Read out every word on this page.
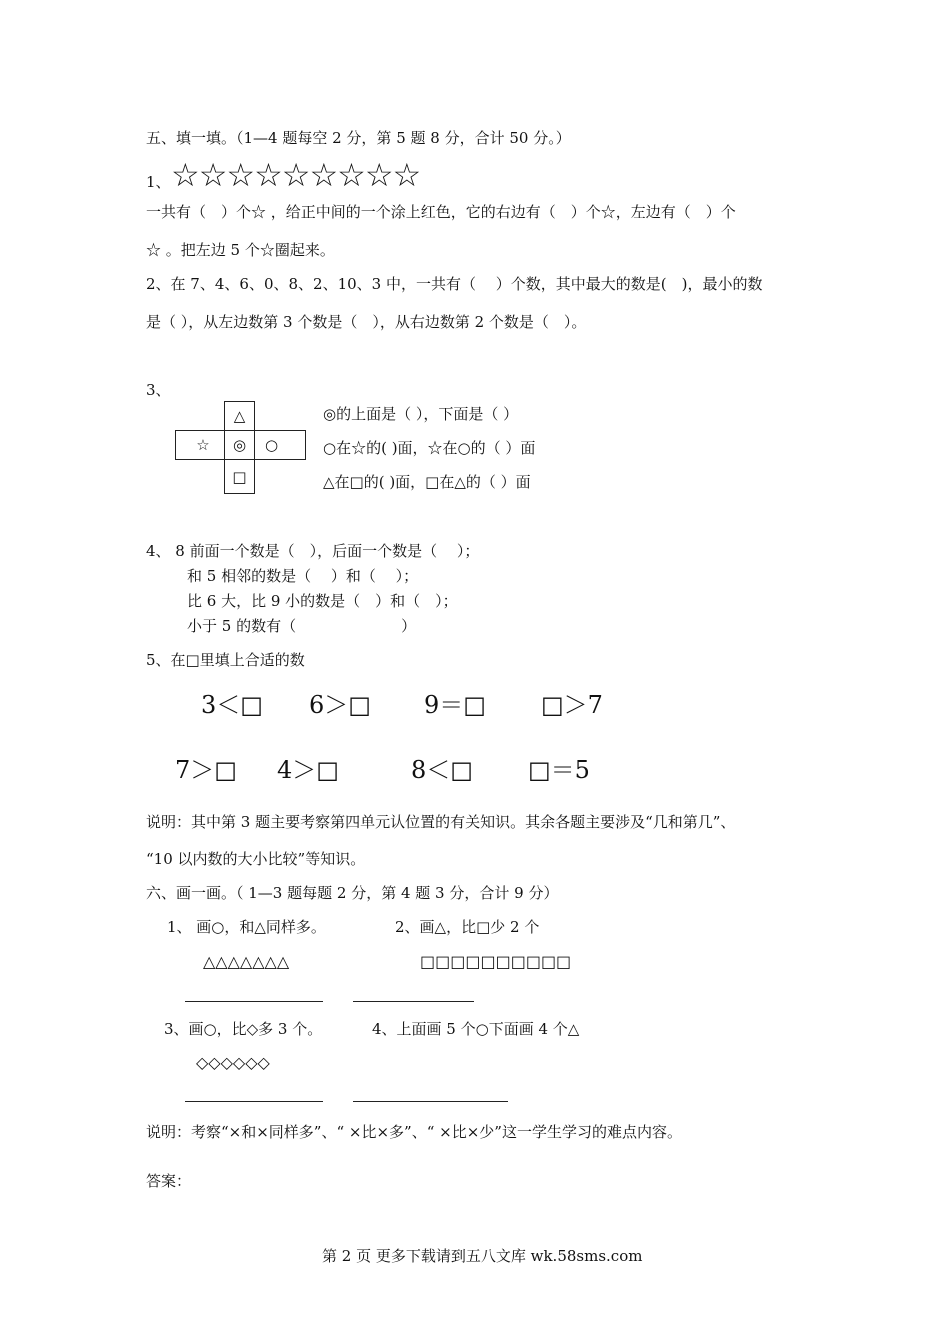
五、填一填。（1—4 题每空 2 分，第 5 题 8 分，合计 50 分。）
1、 ☆☆☆☆☆☆☆☆☆
一共有（　）个☆ ，给正中间的一个涂上红色，它的右边有（　）个☆，左边有（　）个
☆ 。把左边 5 个☆圈起来。
2、在 7、4、6、0、8、2、10、3 中，一共有（　 ）个数，其中最大的数是(　)，最小的数
是（ ），从左边数第 3 个数是（　），从右边数第 2 个数是（　）。
3、
△
☆	◎	○
□
◎的上面是（ ），下面是（ ）
○在☆的( )面，☆在○的（ ）面
△在□的( )面，□在△的（ ）面
4、 8 前面一个数是（　），后面一个数是（　 ）；
和 5 相邻的数是（　 ）和（　 ）；
比 6 大，比 9 小的数是（　）和（　）；
小于 5 的数有（　　　　　　　）
5、在□里填上合适的数
3＜□ 6＞□ 9＝□ □＞7
7＞□ 4＞□	8＜□ □＝5
说明：其中第 3 题主要考察第四单元认位置的有关知识。其余各题主要涉及“几和第几”、
“10 以内数的大小比较”等知识。
六、画一画。（ 1—3 题每题 2 分，第 4 题 3 分，合计 9 分）
1、 画○，和△同样多。	2、画△，比□少 2 个
△△△△△△△	□□□□□□□□□□
3、画○，比◇多 3 个。	4、上面画 5 个○下面画 4 个△
◇◇◇◇◇◇
说明：考察“×和×同样多”、“ ×比×多”、“ ×比×少”这一学生学习的难点内容。
答案：
第 2 页 更多下载请到五八文库 wk.58sms.com
